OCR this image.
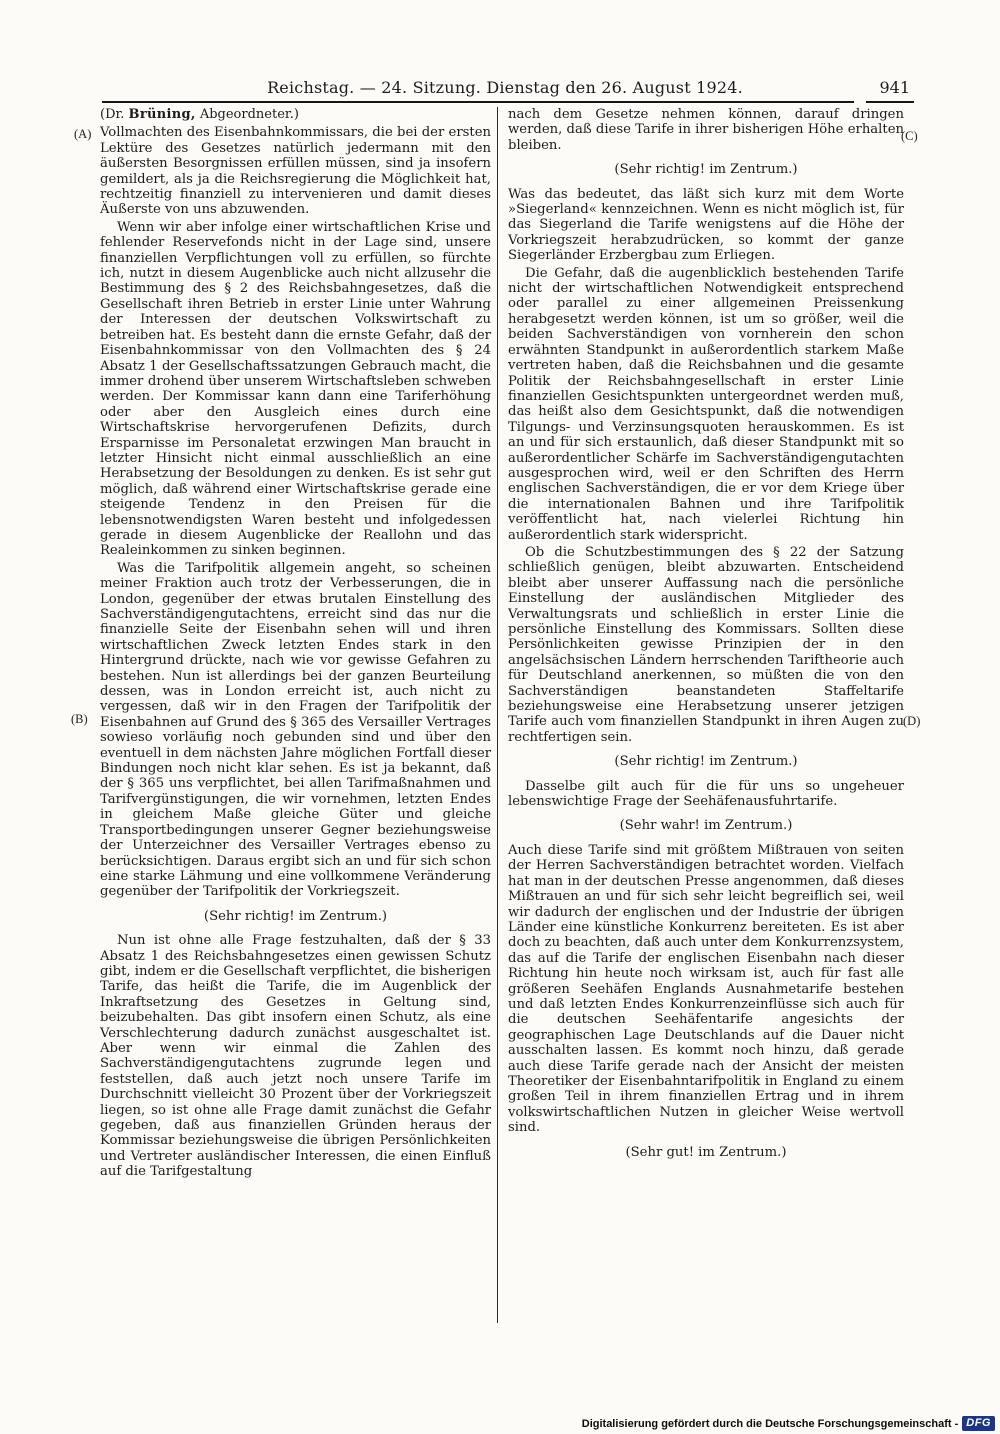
Reichstag. — 24. Sitzung. Dienstag den 26. August 1924.	941
(A)
(B)
(C)
(D)

(Dr. Brüning, Abgeordneter.)

Vollmachten des Eisenbahnkommissars, die bei der ersten Lektüre des Gesetzes natürlich jedermann mit den äußersten Besorgnissen erfüllen müssen, sind ja insofern gemildert, als ja die Reichsregierung die Möglichkeit hat, rechtzeitig finanziell zu intervenieren und damit dieses Äußerste von uns abzuwenden.

Wenn wir aber infolge einer wirtschaftlichen Krise und fehlender Reservefonds nicht in der Lage sind, unsere finanziellen Verpflichtungen voll zu erfüllen, so fürchte ich, nutzt in diesem Augenblicke auch nicht allzusehr die Bestimmung des § 2 des Reichsbahngesetzes, daß die Gesellschaft ihren Betrieb in erster Linie unter Wahrung der Interessen der deutschen Volkswirtschaft zu betreiben hat. Es besteht dann die ernste Gefahr, daß der Eisenbahnkommissar von den Vollmachten des § 24 Absatz 1 der Gesellschaftssatzungen Gebrauch macht, die immer drohend über unserem Wirtschaftsleben schweben werden. Der Kommissar kann dann eine Tariferhöhung oder aber den Ausgleich eines durch eine Wirtschaftskrise hervorgerufenen Defizits, durch Ersparnisse im Personaletat erzwingen Man braucht in letzter Hinsicht nicht einmal ausschließlich an eine Herabsetzung der Besoldungen zu denken. Es ist sehr gut möglich, daß während einer Wirtschaftskrise gerade eine steigende Tendenz in den Preisen für die lebensnotwendigsten Waren besteht und infolgedessen gerade in diesem Augenblicke der Reallohn und das Realeinkommen zu sinken beginnen.

Was die Tarifpolitik allgemein angeht, so scheinen meiner Fraktion auch trotz der Verbesserungen, die in London, gegenüber der etwas brutalen Einstellung des Sachverständigengutachtens, erreicht sind das nur die finanzielle Seite der Eisenbahn sehen will und ihren wirtschaftlichen Zweck letzten Endes stark in den Hintergrund drückte, nach wie vor gewisse Gefahren zu bestehen. Nun ist allerdings bei der ganzen Beurteilung dessen, was in London erreicht ist, auch nicht zu vergessen, daß wir in den Fragen der Tarifpolitik der Eisenbahnen auf Grund des § 365 des Versailler Vertrages sowieso vorläufig noch gebunden sind und über den eventuell in dem nächsten Jahre möglichen Fortfall dieser Bindungen noch nicht klar sehen. Es ist ja bekannt, daß der § 365 uns verpflichtet, bei allen Tarifmaßnahmen und Tarifvergünstigungen, die wir vornehmen, letzten Endes in gleichem Maße gleiche Güter und gleiche Transportbedingungen unserer Gegner beziehungsweise der Unterzeichner des Versailler Vertrages ebenso zu berücksichtigen. Daraus ergibt sich an und für sich schon eine starke Lähmung und eine vollkommene Veränderung gegenüber der Tarifpolitik der Vorkriegszeit.

(Sehr richtig! im Zentrum.)

Nun ist ohne alle Frage festzuhalten, daß der § 33 Absatz 1 des Reichsbahngesetzes einen gewissen Schutz gibt, indem er die Gesellschaft verpflichtet, die bisherigen Tarife, das heißt die Tarife, die im Augenblick der Inkraftsetzung des Gesetzes in Geltung sind, beizubehalten. Das gibt insofern einen Schutz, als eine Verschlechterung dadurch zunächst ausgeschaltet ist. Aber wenn wir einmal die Zahlen des Sachverständigengutachtens zugrunde legen und feststellen, daß auch jetzt noch unsere Tarife im Durchschnitt vielleicht 30 Prozent über der Vorkriegszeit liegen, so ist ohne alle Frage damit zunächst die Gefahr gegeben, daß aus finanziellen Gründen heraus der Kommissar beziehungsweise die übrigen Persönlichkeiten und Vertreter ausländischer Interessen, die einen Einfluß auf die Tarifgestaltung

nach dem Gesetze nehmen können, darauf dringen werden, daß diese Tarife in ihrer bisherigen Höhe erhalten bleiben.

(Sehr richtig! im Zentrum.)

Was das bedeutet, das läßt sich kurz mit dem Worte »Siegerland« kennzeichnen. Wenn es nicht möglich ist, für das Siegerland die Tarife wenigstens auf die Höhe der Vorkriegszeit herabzudrücken, so kommt der ganze Siegerländer Erzbergbau zum Erliegen.

Die Gefahr, daß die augenblicklich bestehenden Tarife nicht der wirtschaftlichen Notwendigkeit entsprechend oder parallel zu einer allgemeinen Preissenkung herabgesetzt werden können, ist um so größer, weil die beiden Sachverständigen von vornherein den schon erwähnten Standpunkt in außerordentlich starkem Maße vertreten haben, daß die Reichsbahnen und die gesamte Politik der Reichsbahngesellschaft in erster Linie finanziellen Gesichtspunkten untergeordnet werden muß, das heißt also dem Gesichtspunkt, daß die notwendigen Tilgungs- und Verzinsungsquoten herauskommen. Es ist an und für sich erstaunlich, daß dieser Standpunkt mit so außerordentlicher Schärfe im Sachverständigengutachten ausgesprochen wird, weil er den Schriften des Herrn englischen Sachverständigen, die er vor dem Kriege über die internationalen Bahnen und ihre Tarifpolitik veröffentlicht hat, nach vielerlei Richtung hin außerordentlich stark widerspricht.

Ob die Schutzbestimmungen des § 22 der Satzung schließlich genügen, bleibt abzuwarten. Entscheidend bleibt aber unserer Auffassung nach die persönliche Einstellung der ausländischen Mitglieder des Verwaltungsrats und schließlich in erster Linie die persönliche Einstellung des Kommissars. Sollten diese Persönlichkeiten gewisse Prinzipien der in den angelsächsischen Ländern herrschenden Tariftheorie auch für Deutschland anerkennen, so müßten die von den Sachverständigen beanstandeten Staffeltarife beziehungsweise eine Herabsetzung unserer jetzigen Tarife auch vom finanziellen Standpunkt in ihren Augen zu rechtfertigen sein.

(Sehr richtig! im Zentrum.)

Dasselbe gilt auch für die für uns so ungeheuer lebenswichtige Frage der Seehäfenausfuhrtarife.

(Sehr wahr! im Zentrum.)

Auch diese Tarife sind mit größtem Mißtrauen von seiten der Herren Sachverständigen betrachtet worden. Vielfach hat man in der deutschen Presse angenommen, daß dieses Mißtrauen an und für sich sehr leicht begreiflich sei, weil wir dadurch der englischen und der Industrie der übrigen Länder eine künstliche Konkurrenz bereiteten. Es ist aber doch zu beachten, daß auch unter dem Konkurrenzsystem, das auf die Tarife der englischen Eisenbahn nach dieser Richtung hin heute noch wirksam ist, auch für fast alle größeren Seehäfen Englands Ausnahmetarife bestehen und daß letzten Endes Konkurrenzeinflüsse sich auch für die deutschen Seehäfentarife angesichts der geographischen Lage Deutschlands auf die Dauer nicht ausschalten lassen. Es kommt noch hinzu, daß gerade auch diese Tarife gerade nach der Ansicht der meisten Theoretiker der Eisenbahntarifpolitik in England zu einem großen Teil in ihrem finanziellen Ertrag und in ihrem volkswirtschaftlichen Nutzen in gleicher Weise wertvoll sind.

(Sehr gut! im Zentrum.)

Digitalisierung gefördert durch die Deutsche Forschungsgemeinschaft - DFG
